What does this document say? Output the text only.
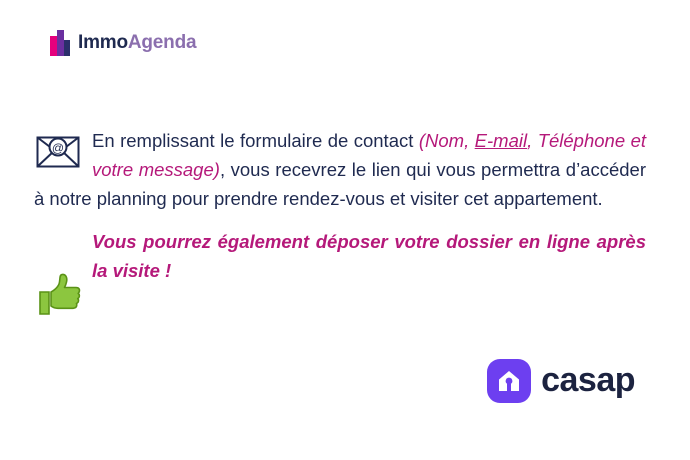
ImmoAgenda
@	En remplissant le formulaire de contact (Nom, E-mail, Téléphone et votre message), vous recevrez le lien qui vous permettra d’accéder à notre planning pour prendre rendez-vous et visiter cet appartement.

Vous pourrez également déposer votre dossier en ligne après la visite !

casap
